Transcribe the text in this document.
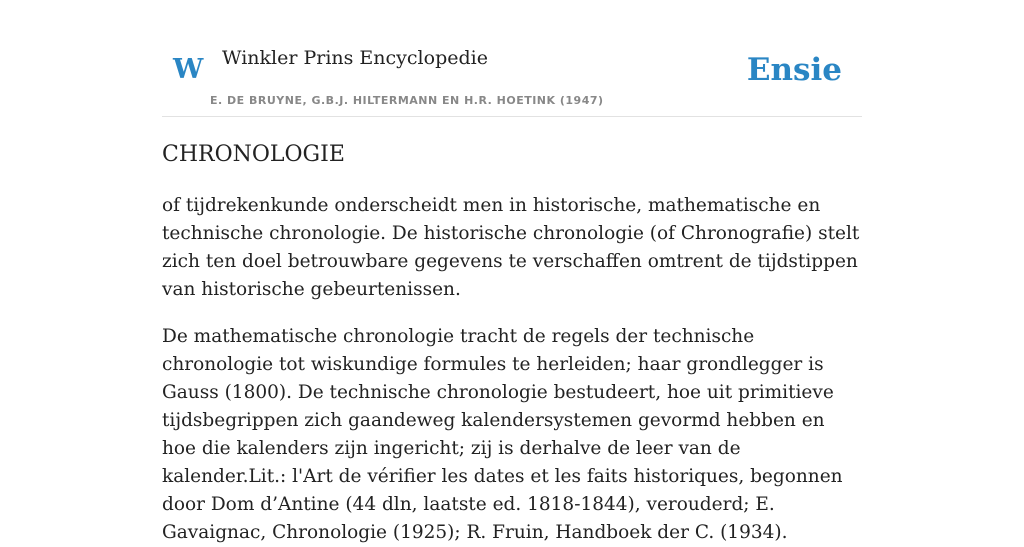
W Winkler Prins Encyclopedie
E. DE BRUYNE, G.B.J. HILTERMANN EN H.R. HOETINK (1947)
Ensie
CHRONOLOGIE

of tijdrekenkunde onderscheidt men in historische, mathematische en technische chronologie. De historische chronologie (of Chronografie) stelt zich ten doel betrouwbare gegevens te verschaffen omtrent de tijdstippen van historische gebeurtenissen.

De mathematische chronologie tracht de regels der technische chronologie tot wiskundige formules te herleiden; haar grondlegger is Gauss (1800). De technische chronologie bestudeert, hoe uit primitieve tijdsbegrippen zich gaandeweg kalendersystemen gevormd hebben en hoe die kalenders zijn ingericht; zij is derhalve de leer van de kalender.Lit.: l'Art de vérifier les dates et les faits historiques, begonnen door Dom d’Antine (44 dln, laatste ed. 1818-1844), verouderd; E. Gavaignac, Chronologie (1925); R. Fruin, Handboek der C. (1934).
